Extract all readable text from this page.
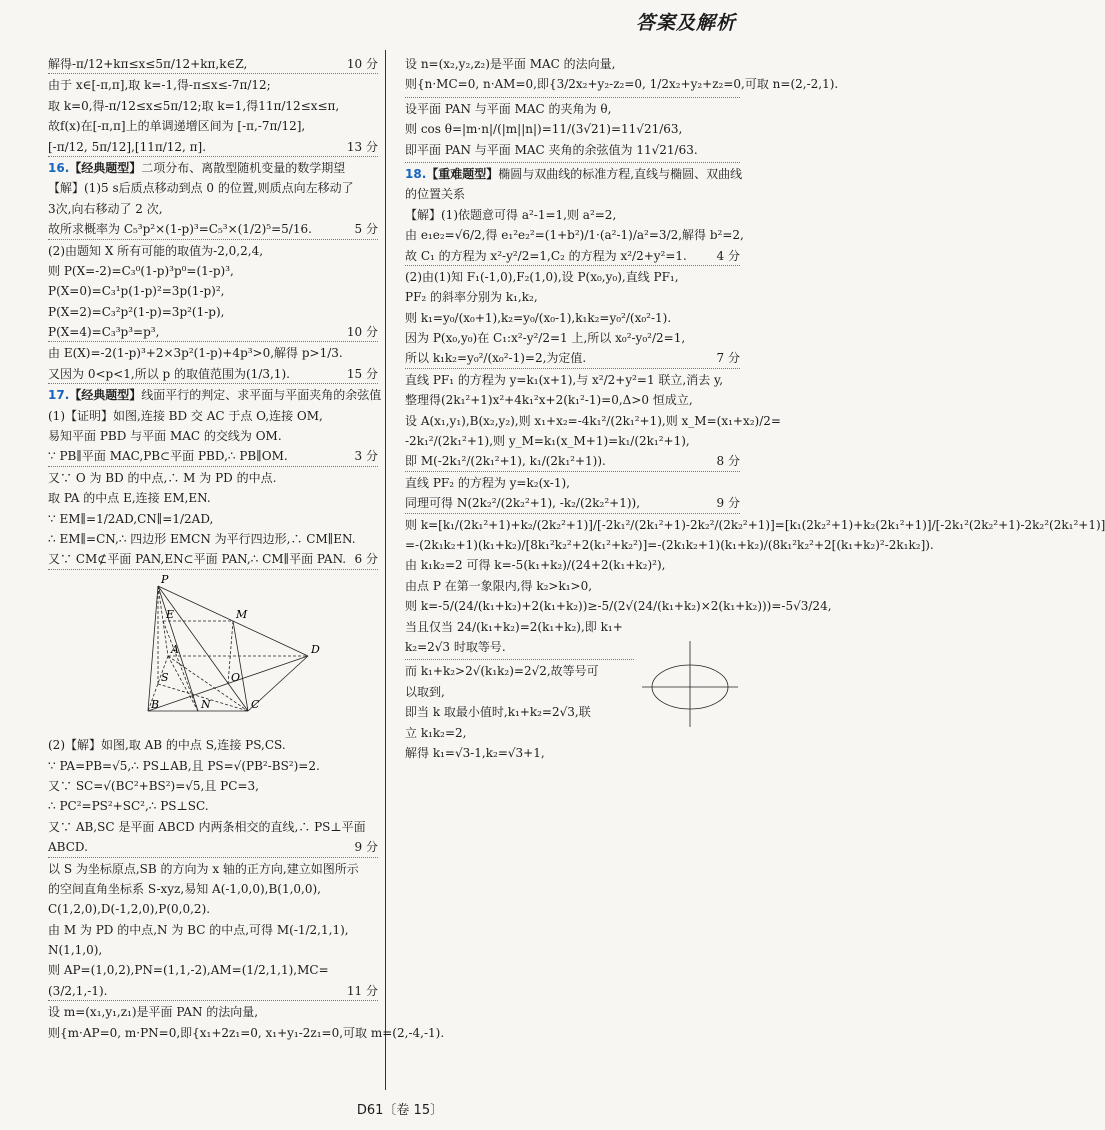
答案及解析
解得-π/12+kπ≤x≤5π/12+kπ,k∈Z,	10 分
由于 x∈[-π,π],取 k=-1,得-π≤x≤-7π/12;
取 k=0,得-π/12≤x≤5π/12;取 k=1,得11π/12≤x≤π,
故f(x)在[-π,π]上的单调递增区间为 [-π,-7π/12],
[-π/12, 5π/12],[11π/12, π].	13 分
16.【经典题型】二项分布、离散型随机变量的数学期望
【解】(1)5 s后质点移动到点 0 的位置,则质点向左移动了
3次,向右移动了 2 次,
故所求概率为 C₅³p²×(1-p)³=C₅³×(1/2)⁵=5/16.	5 分
(2)由题知 X 所有可能的取值为-2,0,2,4,
则 P(X=-2)=C₃⁰(1-p)³p⁰=(1-p)³,
P(X=0)=C₃¹p(1-p)²=3p(1-p)²,
P(X=2)=C₃²p²(1-p)=3p²(1-p),
P(X=4)=C₃³p³=p³,	10 分
由 E(X)=-2(1-p)³+2×3p²(1-p)+4p³>0,解得 p>1/3.
又因为 0<p<1,所以 p 的取值范围为(1/3,1).	15 分
17.【经典题型】线面平行的判定、求平面与平面夹角的余弦值
(1)【证明】如图,连接 BD 交 AC 于点 O,连接 OM,
易知平面 PBD 与平面 MAC 的交线为 OM.
∵ PB∥平面 MAC,PB⊂平面 PBD,∴ PB∥OM.	3 分
又∵ O 为 BD 的中点,∴ M 为 PD 的中点.
取 PA 的中点 E,连接 EM,EN.
∵ EM∥=1/2AD,CN∥=1/2AD,
∴ EM∥=CN,∴ 四边形 EMCN 为平行四边形,∴ CM∥EN.
又∵ CM⊄平面 PAN,EN⊂平面 PAN,∴ CM∥平面 PAN. 6 分
P
A	D
B	C
S
N
O
M
E
(2)【解】如图,取 AB 的中点 S,连接 PS,CS.
∵ PA=PB=√5,∴ PS⊥AB,且 PS=√(PB²-BS²)=2.
又∵ SC=√(BC²+BS²)=√5,且 PC=3,
∴ PC²=PS²+SC²,∴ PS⊥SC.
又∵ AB,SC 是平面 ABCD 内两条相交的直线,∴ PS⊥平面
ABCD.	9 分
以 S 为坐标原点,SB 的方向为 x 轴的正方向,建立如图所示
的空间直角坐标系 S-xyz,易知 A(-1,0,0),B(1,0,0),
C(1,2,0),D(-1,2,0),P(0,0,2).
由 M 为 PD 的中点,N 为 BC 的中点,可得 M(-1/2,1,1),
N(1,1,0),
则 AP=(1,0,2),PN=(1,1,-2),AM=(1/2,1,1),MC=
(3/2,1,-1).	11 分
设 m=(x₁,y₁,z₁)是平面 PAN 的法向量,
则{m·AP=0, m·PN=0,即{x₁+2z₁=0, x₁+y₁-2z₁=0,可取 m=(2,-4,-1).
设 n=(x₂,y₂,z₂)是平面 MAC 的法向量,
则{n·MC=0, n·AM=0,即{3/2x₂+y₂-z₂=0, 1/2x₂+y₂+z₂=0,可取 n=(2,-2,1).
设平面 PAN 与平面 MAC 的夹角为 θ,
则 cos θ=|m·n|/(|m||n|)=11/(3√21)=11√21/63,
即平面 PAN 与平面 MAC 夹角的余弦值为 11√21/63.
18.【重难题型】椭圆与双曲线的标准方程,直线与椭圆、双曲线
的位置关系
【解】(1)依题意可得 a²-1=1,则 a²=2,
由 e₁e₂=√6/2,得 e₁²e₂²=(1+b²)/1·(a²-1)/a²=3/2,解得 b²=2,
故 C₁ 的方程为 x²-y²/2=1,C₂ 的方程为 x²/2+y²=1. 4 分
(2)由(1)知 F₁(-1,0),F₂(1,0),设 P(x₀,y₀),直线 PF₁,
PF₂ 的斜率分别为 k₁,k₂,
则 k₁=y₀/(x₀+1),k₂=y₀/(x₀-1),k₁k₂=y₀²/(x₀²-1).
因为 P(x₀,y₀)在 C₁:x²-y²/2=1 上,所以 x₀²-y₀²/2=1,
所以 k₁k₂=y₀²/(x₀²-1)=2,为定值.	7 分
直线 PF₁ 的方程为 y=k₁(x+1),与 x²/2+y²=1 联立,消去 y,
整理得(2k₁²+1)x²+4k₁²x+2(k₁²-1)=0,Δ>0 恒成立,
设 A(x₁,y₁),B(x₂,y₂),则 x₁+x₂=-4k₁²/(2k₁²+1),则 x_M=(x₁+x₂)/2=
-2k₁²/(2k₁²+1),则 y_M=k₁(x_M+1)=k₁/(2k₁²+1),
即 M(-2k₁²/(2k₁²+1), k₁/(2k₁²+1)).	8 分
直线 PF₂ 的方程为 y=k₂(x-1),
同理可得 N(2k₂²/(2k₂²+1), -k₂/(2k₂²+1)),	9 分
则 k=[k₁/(2k₁²+1)+k₂/(2k₂²+1)]/[-2k₁²/(2k₁²+1)-2k₂²/(2k₂²+1)]=[k₁(2k₂²+1)+k₂(2k₁²+1)]/[-2k₁²(2k₂²+1)-2k₂²(2k₁²+1)]
=-(2k₁k₂+1)(k₁+k₂)/[8k₁²k₂²+2(k₁²+k₂²)]=-(2k₁k₂+1)(k₁+k₂)/(8k₁²k₂²+2[(k₁+k₂)²-2k₁k₂]).
由 k₁k₂=2 可得 k=-5(k₁+k₂)/(24+2(k₁+k₂)²),
由点 P 在第一象限内,得 k₂>k₁>0,
则 k=-5/(24/(k₁+k₂)+2(k₁+k₂))≥-5/(2√(24/(k₁+k₂)×2(k₁+k₂)))=-5√3/24,
当且仅当 24/(k₁+k₂)=2(k₁+k₂),即 k₁+
k₂=2√3 时取等号.
而 k₁+k₂>2√(k₁k₂)=2√2,故等号可
以取到,
即当 k 取最小值时,k₁+k₂=2√3,联
立 k₁k₂=2,
解得 k₁=√3-1,k₂=√3+1,
D61〔卷 15〕
